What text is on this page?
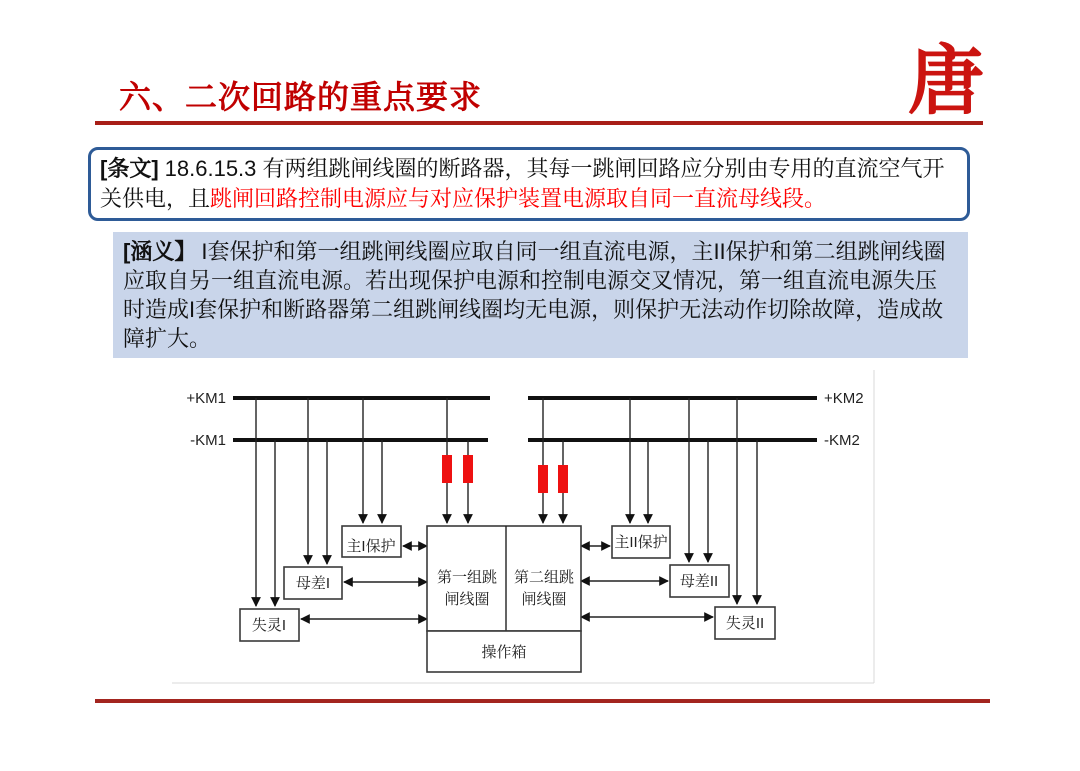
六、二次回路的重点要求	唐
[条文] 18.6.15.3 有两组跳闸线圈的断路器，其每一跳闸回路应分别由专用的直流空气开关供电，且跳闸回路控制电源应与对应保护装置电源取自同一直流母线段。
[涵义】 I套保护和第一组跳闸线圈应取自同一组直流电源，主II保护和第二组跳闸线圈应取自另一组直流电源。若出现保护电源和控制电源交叉情况，第一组直流电源失压时造成I套保护和断路器第二组跳闸线圈均无电源，则保护无法动作切除故障，造成故障扩大。
+KM1
-KM1
+KM2
-KM2
主I保护
母差I
失灵I
第一组跳
闸线圈
第二组跳
闸线圈
操作箱
主II保护
母差II
失灵II
